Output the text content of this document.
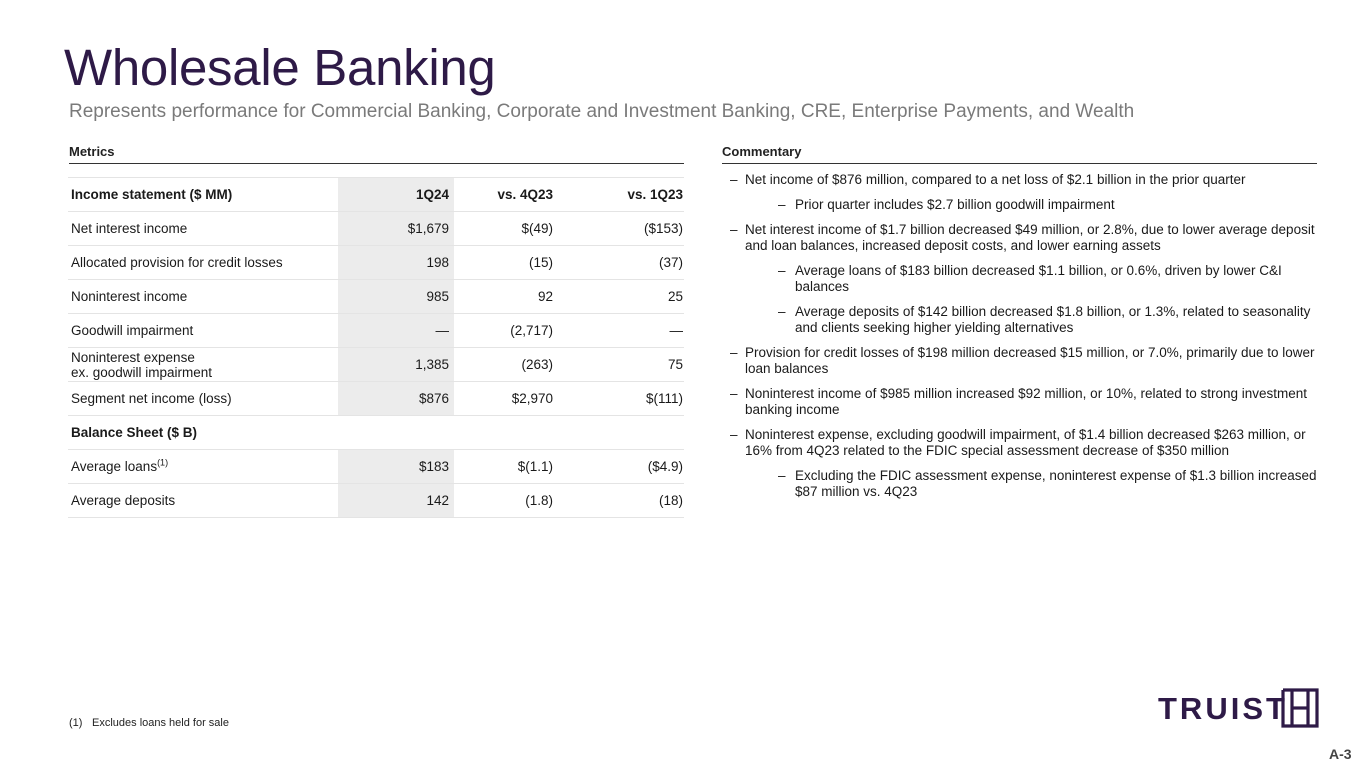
Wholesale Banking
Represents performance for Commercial Banking, Corporate and Investment Banking, CRE, Enterprise Payments, and Wealth
Metrics	Commentary
Income statement ($ MM)	1Q24	vs. 4Q23	vs. 1Q23
Net interest income	$1,679	$(49)	($153)
Allocated provision for credit losses	198	(15)	(37)
Noninterest income	985	92	25
Goodwill impairment	—	(2,717)	—
Noninterest expense
ex. goodwill impairment	1,385	(263)	75
Segment net income (loss)	$876	$2,970	$(111)
Balance Sheet ($ B)			
Average loans$^{(1)}$	$183	$(1.1)	($4.9)
Average deposits	142	(1.8)	(18)
– Net income of $876 million, compared to a net loss of $2.1 billion in the prior quarter
– Prior quarter includes $2.7 billion goodwill impairment
– Net interest income of $1.7 billion decreased $49 million, or 2.8%, due to lower average deposit and loan balances, increased deposit costs, and lower earning assets
– Average loans of $183 billion decreased $1.1 billion, or 0.6%, driven by lower C&I balances
– Average deposits of $142 billion decreased $1.8 billion, or 1.3%, related to seasonality and clients seeking higher yielding alternatives
– Provision for credit losses of $198 million decreased $15 million, or 7.0%, primarily due to lower loan balances
– Noninterest income of $985 million increased $92 million, or 10%, related to strong investment banking income
– Noninterest expense, excluding goodwill impairment, of $1.4 billion decreased $263 million, or 16% from 4Q23 related to the FDIC special assessment decrease of $350 million
– Excluding the FDIC assessment expense, noninterest expense of $1.3 billion increased $87 million vs. 4Q23
(1) Excludes loans held for sale	TRUIST
A-3
